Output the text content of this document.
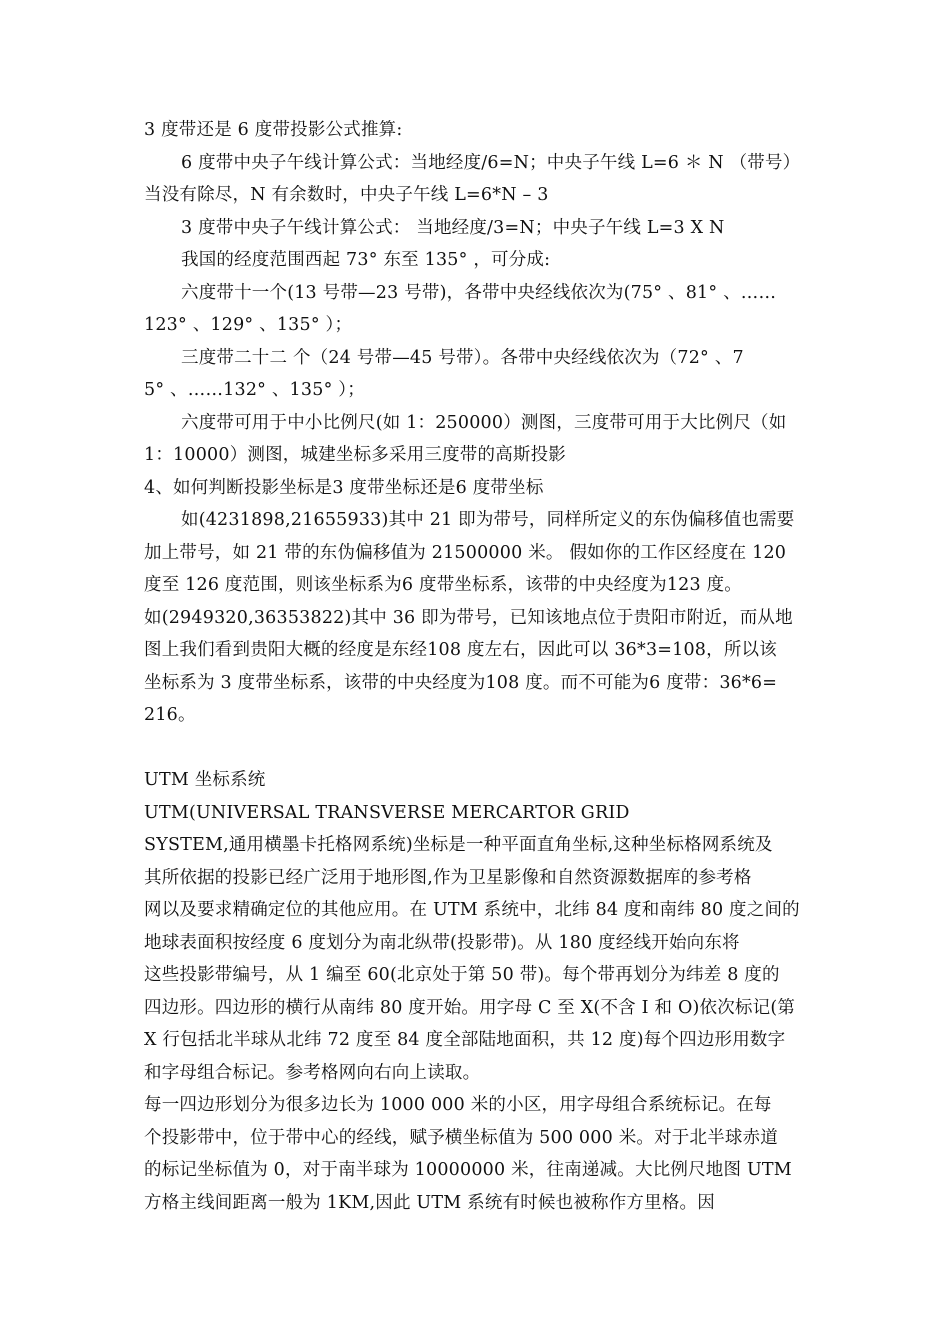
3 度带还是 6 度带投影公式推算:
6 度带中央子午线计算公式：当地经度/6=N；中央子午线 L=6 ＊ N （带号）
当没有除尽，N 有余数时，中央子午线 L=6*N – 3
3 度带中央子午线计算公式： 当地经度/3=N；中央子午线 L=3 X N
我国的经度范围西起 73° 东至 135° ，可分成:
六度带十一个(13 号带—23 号带)，各带中央经线依次为(75° 、81° 、……
123° 、129° 、135° ）；
三度带二十二 个（24 号带—45 号带）。各带中央经线依次为（72° 、7
5° 、……132° 、135° ）；
六度带可用于中小比例尺(如 1：250000）测图，三度带可用于大比例尺（如
1：10000）测图，城建坐标多采用三度带的高斯投影
4、如何判断投影坐标是3 度带坐标还是6 度带坐标
如(4231898,21655933)其中 21 即为带号，同样所定义的东伪偏移值也需要
加上带号，如 21 带的东伪偏移值为 21500000 米。 假如你的工作区经度在 120
度至 126 度范围，则该坐标系为6 度带坐标系，该带的中央经度为123 度。
如(2949320,36353822)其中 36 即为带号，已知该地点位于贵阳市附近，而从地
图上我们看到贵阳大概的经度是东经108 度左右，因此可以 36*3=108，所以该
坐标系为 3 度带坐标系，该带的中央经度为108 度。而不可能为6 度带：36*6=
216。
UTM 坐标系统
UTM(UNIVERSAL TRANSVERSE MERCARTOR GRID
SYSTEM,通用横墨卡托格网系统)坐标是一种平面直角坐标,这种坐标格网系统及
其所依据的投影已经广泛用于地形图,作为卫星影像和自然资源数据库的参考格
网以及要求精确定位的其他应用。在 UTM 系统中，北纬 84 度和南纬 80 度之间的
地球表面积按经度 6 度划分为南北纵带(投影带)。从 180 度经线开始向东将
这些投影带编号，从 1 编至 60(北京处于第 50 带)。每个带再划分为纬差 8 度的
四边形。四边形的横行从南纬 80 度开始。用字母 C 至 X(不含 I 和 O)依次标记(第
X 行包括北半球从北纬 72 度至 84 度全部陆地面积，共 12 度)每个四边形用数字
和字母组合标记。参考格网向右向上读取。
每一四边形划分为很多边长为 1000 000 米的小区，用字母组合系统标记。在每
个投影带中，位于带中心的经线，赋予横坐标值为 500 000 米。对于北半球赤道
的标记坐标值为 0，对于南半球为 10000000 米，往南递减。大比例尺地图 UTM
方格主线间距离一般为 1KM,因此 UTM 系统有时候也被称作方里格。因
